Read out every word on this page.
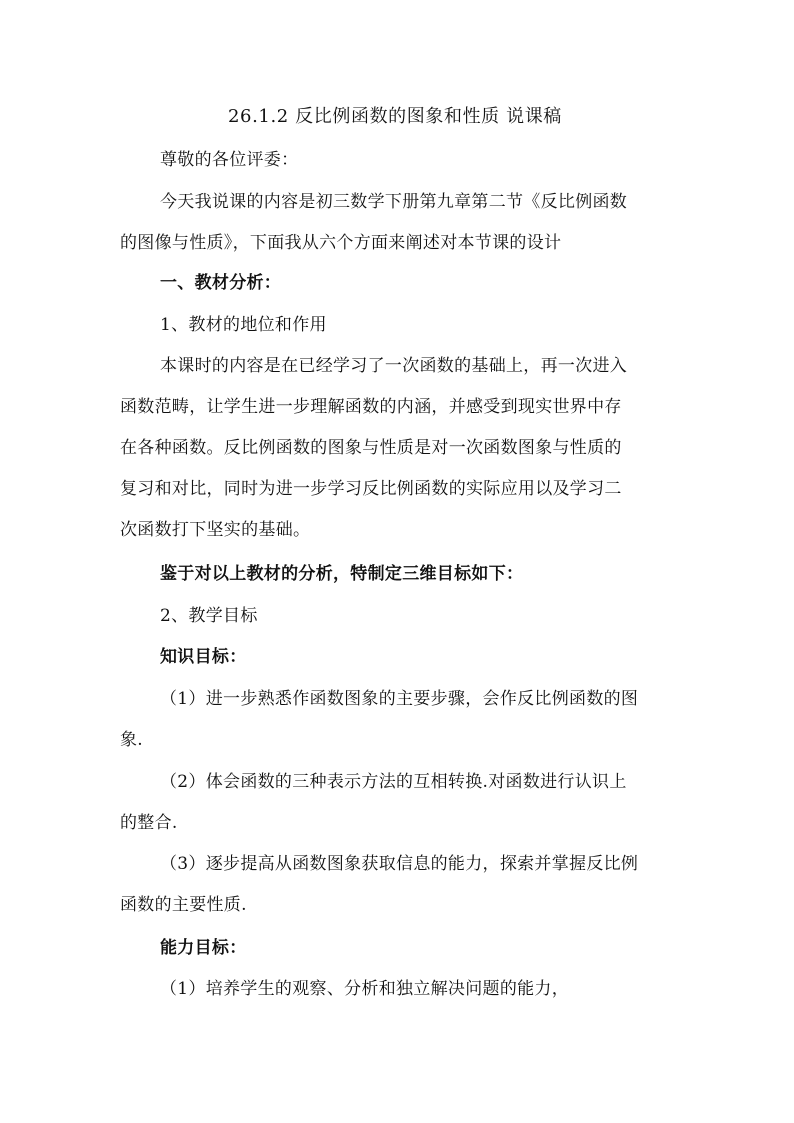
26.1.2 反比例函数的图象和性质 说课稿
尊敬的各位评委：
今天我说课的内容是初三数学下册第九章第二节《反比例函数
的图像与性质》，下面我从六个方面来阐述对本节课的设计
一、教材分析：
1、教材的地位和作用
本课时的内容是在已经学习了一次函数的基础上，再一次进入
函数范畴，让学生进一步理解函数的内涵，并感受到现实世界中存
在各种函数。反比例函数的图象与性质是对一次函数图象与性质的
复习和对比，同时为进一步学习反比例函数的实际应用以及学习二
次函数打下坚实的基础。
鉴于对以上教材的分析，特制定三维目标如下：
2、教学目标
知识目标：
（1）进一步熟悉作函数图象的主要步骤，会作反比例函数的图
象.
（2）体会函数的三种表示方法的互相转换.对函数进行认识上
的整合.
（3）逐步提高从函数图象获取信息的能力，探索并掌握反比例
函数的主要性质.
能力目标：
（1）培养学生的观察、分析和独立解决问题的能力，
